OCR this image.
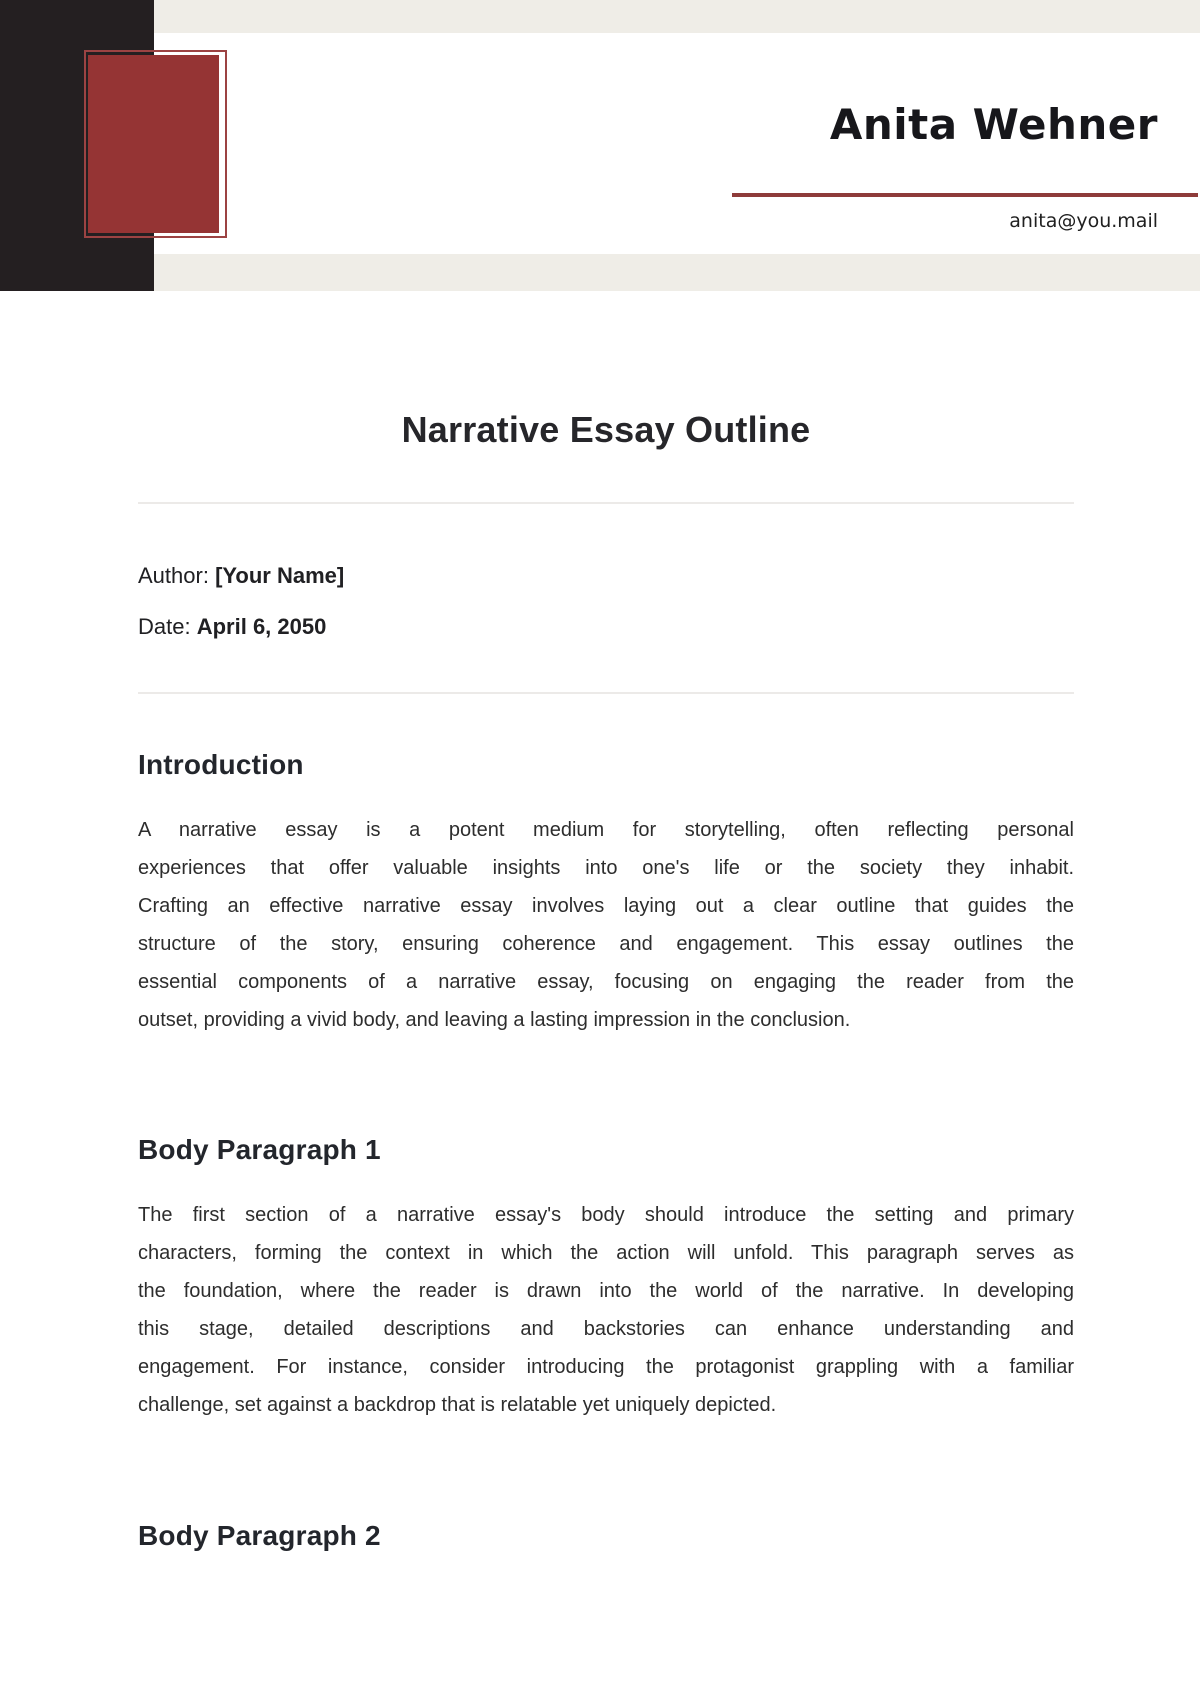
Anita Wehner
anita@you.mail
Narrative Essay Outline
Author: [Your Name]
Date: April 6, 2050
Introduction
A narrative essay is a potent medium for storytelling, often reflecting personal
experiences that offer valuable insights into one's life or the society they inhabit.
Crafting an effective narrative essay involves laying out a clear outline that guides the
structure of the story, ensuring coherence and engagement. This essay outlines the
essential components of a narrative essay, focusing on engaging the reader from the
outset, providing a vivid body, and leaving a lasting impression in the conclusion.
Body Paragraph 1
The first section of a narrative essay's body should introduce the setting and primary
characters, forming the context in which the action will unfold. This paragraph serves as
the foundation, where the reader is drawn into the world of the narrative. In developing
this stage, detailed descriptions and backstories can enhance understanding and
engagement. For instance, consider introducing the protagonist grappling with a familiar
challenge, set against a backdrop that is relatable yet uniquely depicted.
Body Paragraph 2
